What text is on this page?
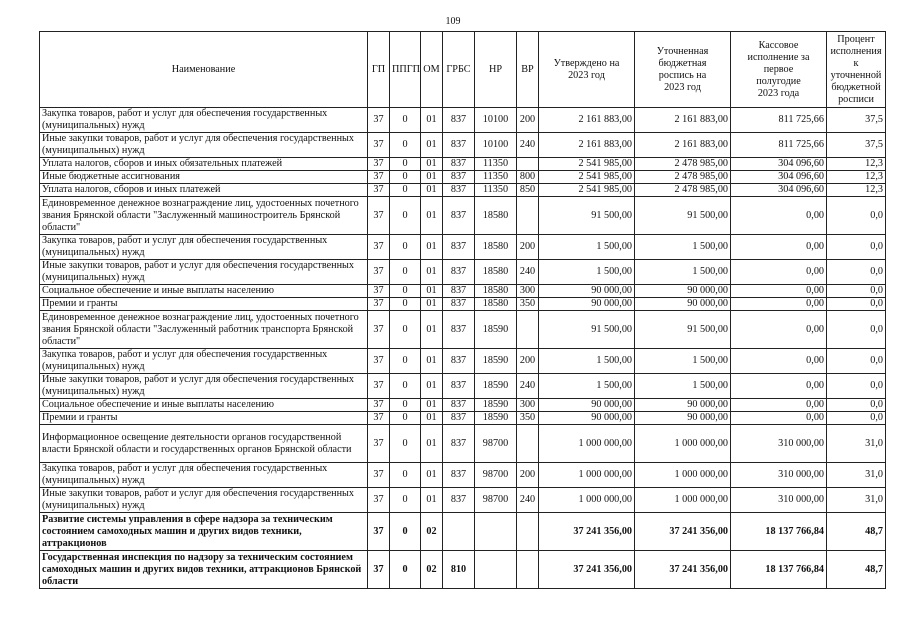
109
Наименование	ГП	ППГП	ОМ	ГРБС	НР	ВР	Утверждено на 2023 год	Уточненная бюджетная роспись на 2023 год	Кассовое исполнение за первое полугодие 2023 года	Процент исполнения к уточненной бюджетной росписи
Закупка товаров, работ и услуг для обеспечения государственных (муниципальных) нужд	37	0	01	837	10100	200	2 161 883,00	2 161 883,00	811 725,66	37,5
Иные закупки товаров, работ и услуг для обеспечения государственных (муниципальных) нужд	37	0	01	837	10100	240	2 161 883,00	2 161 883,00	811 725,66	37,5
Уплата налогов, сборов и иных обязательных платежей	37	0	01	837	11350		2 541 985,00	2 478 985,00	304 096,60	12,3
Иные бюджетные ассигнования	37	0	01	837	11350	800	2 541 985,00	2 478 985,00	304 096,60	12,3
Уплата налогов, сборов и иных платежей	37	0	01	837	11350	850	2 541 985,00	2 478 985,00	304 096,60	12,3
Единовременное денежное вознаграждение лиц, удостоенных почетного звания Брянской области "Заслуженный машиностроитель Брянской области"	37	0	01	837	18580		91 500,00	91 500,00	0,00	0,0
Закупка товаров, работ и услуг для обеспечения государственных (муниципальных) нужд	37	0	01	837	18580	200	1 500,00	1 500,00	0,00	0,0
Иные закупки товаров, работ и услуг для обеспечения государственных (муниципальных) нужд	37	0	01	837	18580	240	1 500,00	1 500,00	0,00	0,0
Социальное обеспечение и иные выплаты населению	37	0	01	837	18580	300	90 000,00	90 000,00	0,00	0,0
Премии и гранты	37	0	01	837	18580	350	90 000,00	90 000,00	0,00	0,0
Единовременное денежное вознаграждение лиц, удостоенных почетного звания Брянской области "Заслуженный работник транспорта Брянской области"	37	0	01	837	18590		91 500,00	91 500,00	0,00	0,0
Закупка товаров, работ и услуг для обеспечения государственных (муниципальных) нужд	37	0	01	837	18590	200	1 500,00	1 500,00	0,00	0,0
Иные закупки товаров, работ и услуг для обеспечения государственных (муниципальных) нужд	37	0	01	837	18590	240	1 500,00	1 500,00	0,00	0,0
Социальное обеспечение и иные выплаты населению	37	0	01	837	18590	300	90 000,00	90 000,00	0,00	0,0
Премии и гранты	37	0	01	837	18590	350	90 000,00	90 000,00	0,00	0,0
Информационное освещение деятельности органов государственной власти Брянской области и государственных органов Брянской области	37	0	01	837	98700		1 000 000,00	1 000 000,00	310 000,00	31,0
Закупка товаров, работ и услуг для обеспечения государственных (муниципальных) нужд	37	0	01	837	98700	200	1 000 000,00	1 000 000,00	310 000,00	31,0
Иные закупки товаров, работ и услуг для обеспечения государственных (муниципальных) нужд	37	0	01	837	98700	240	1 000 000,00	1 000 000,00	310 000,00	31,0
Развитие системы управления в сфере надзора за техническим состоянием самоходных машин и других видов техники, аттракционов	37	0	02				37 241 356,00	37 241 356,00	18 137 766,84	48,7
Государственная инспекция по надзору за техническим состоянием самоходных машин и других видов техники, аттракционов Брянской области	37	0	02	810			37 241 356,00	37 241 356,00	18 137 766,84	48,7
